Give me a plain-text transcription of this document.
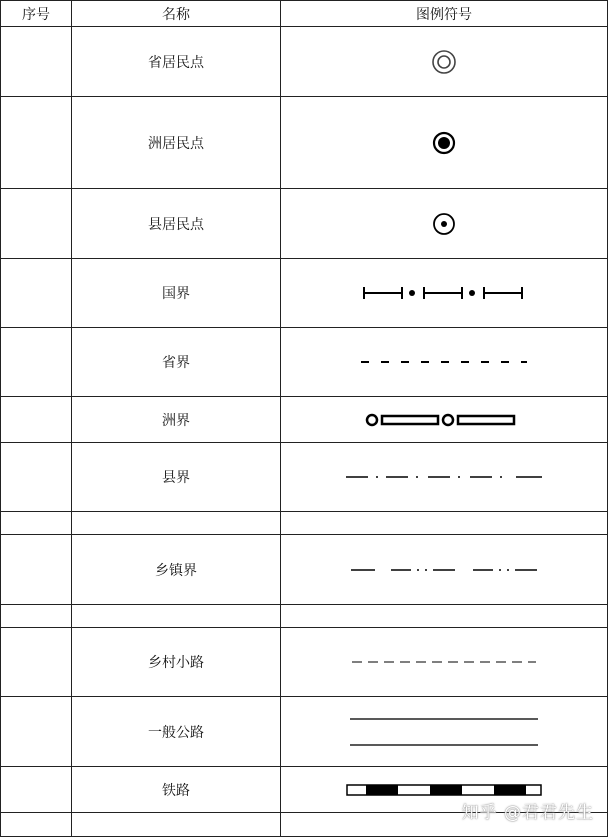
序号	名称	图例符号
	省居民点	

	洲居民点	

	县居民点	

	国界	

	省界	

	洲界	

	县界	

	乡镇界	

	乡村小路	

	一般公路	

	铁路	

知乎 @君君先生
